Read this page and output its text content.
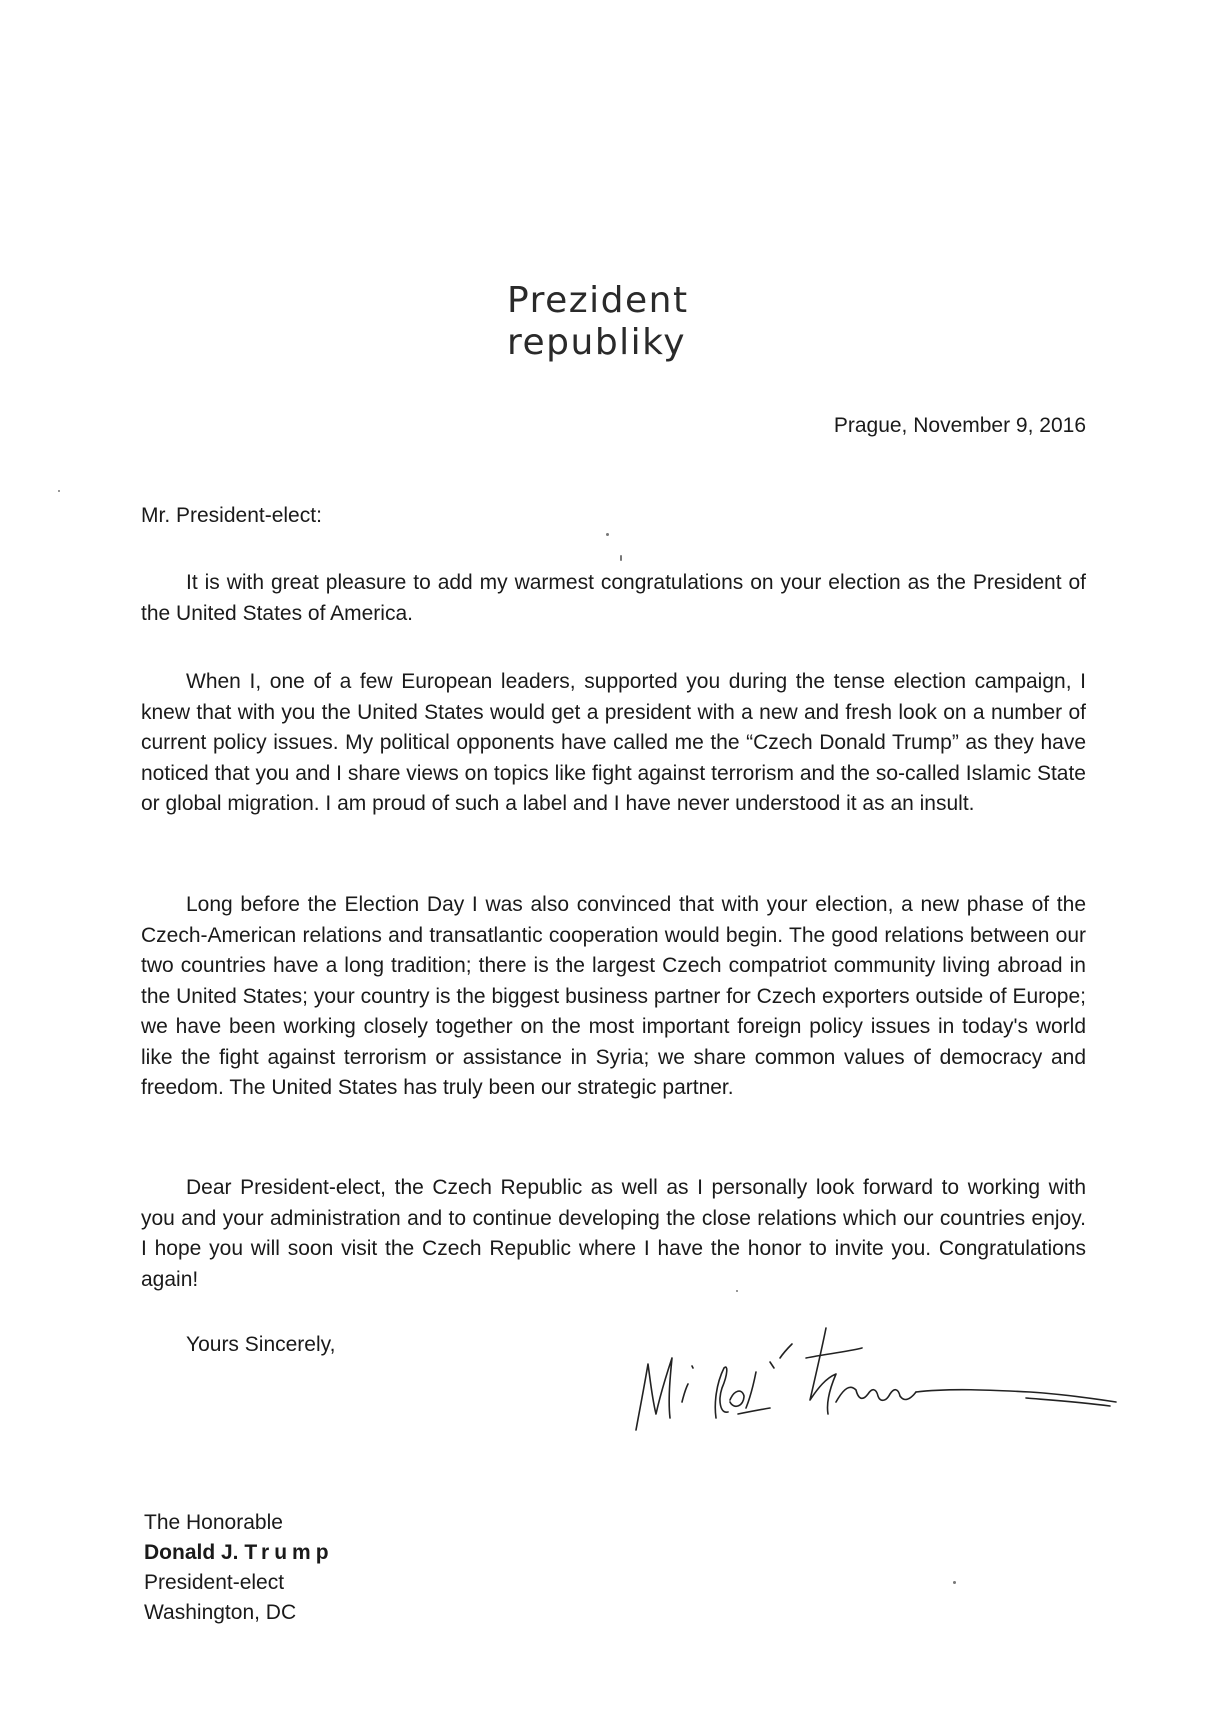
Prezident
republiky
Prague, November 9, 2016
Mr. President-elect:
It is with great pleasure to add my warmest congratulations on your election as the President of the United States of America.
When I, one of a few European leaders, supported you during the tense election campaign, I knew that with you the United States would get a president with a new and fresh look on a number of current policy issues. My political opponents have called me the “Czech Donald Trump” as they have noticed that you and I share views on topics like fight against terrorism and the so-called Islamic State or global migration. I am proud of such a label and I have never understood it as an insult.
Long before the Election Day I was also convinced that with your election, a new phase of the Czech-American relations and transatlantic cooperation would begin. The good relations between our two countries have a long tradition; there is the largest Czech compatriot community living abroad in the United States; your country is the biggest business partner for Czech exporters outside of Europe; we have been working closely together on the most important foreign policy issues in today's world like the fight against terrorism or assistance in Syria; we share common values of democracy and freedom. The United States has truly been our strategic partner.
Dear President-elect, the Czech Republic as well as I personally look forward to working with you and your administration and to continue developing the close relations which our countries enjoy. I hope you will soon visit the Czech Republic where I have the honor to invite you. Congratulations again!
Yours Sincerely,
The Honorable
Donald J. Trump
President-elect
Washington, DC
